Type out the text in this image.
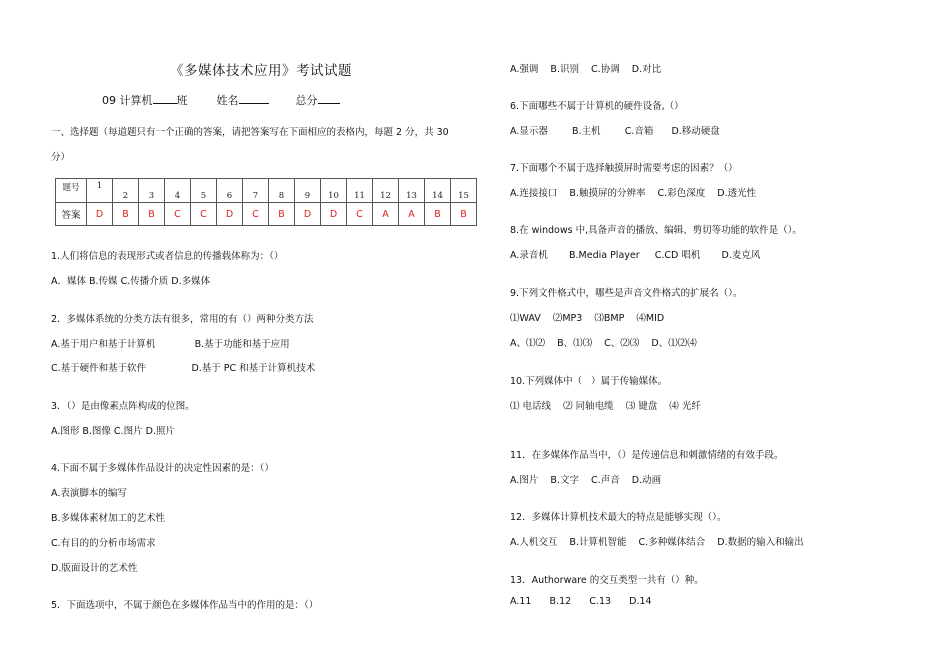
《多媒体技术应用》考试试题
09 计算机 班	姓名	总分
一、选择题（每道题只有一个正确的答案，请把答案写在下面相应的表格内，每题 2 分，共 30
分）
题号	1	2	3	4	5	6	7	8	9	10	11	12	13	14	15
答案	D	B	B	C	C	D	C	B	D	D	C	A	A	B	B
1.人们将信息的表现形式或者信息的传播载体称为：（）
A．媒体 B.传媒 C.传播介质 D.多媒体
2．多媒体系统的分类方法有很多，常用的有（）两种分类方法
A.基于用户和基于计算机             B.基于功能和基于应用
C.基于硬件和基于软件               D.基于 PC 和基于计算机技术
3．（）是由像素点阵构成的位图。
A.图形 B.图像 C.图片 D.照片
4.下面不属于多媒体作品设计的决定性因素的是：（）
A.表演脚本的编写
B.多媒体素材加工的艺术性
C.有目的的分析市场需求
D.版面设计的艺术性
5．下面选项中，不属于颜色在多媒体作品当中的作用的是：（）
A.强调    B.识别    C.协调    D.对比
6.下面哪些不属于计算机的硬件设备,（）
A.显示器        B.主机        C.音箱      D.移动硬盘
7.下面哪个不属于选择触摸屏时需要考虑的因素？（）
A.连接接口    B.触摸屏的分辨率    C.彩色深度    D.透光性
8.在 windows 中,具备声音的播放、编辑、剪切等功能的软件是（）。
A.录音机       B.Media Player     C.CD 唱机       D.麦克风
9.下列文件格式中，哪些是声音文件格式的扩展名（）。
⑴WAV    ⑵MP3    ⑶BMP    ⑷MID
A、⑴⑵    B、⑴⑶    C、⑵⑶    D、⑴⑵⑷
10.下列媒体中（   ）属于传输媒体。
⑴ 电话线    ⑵ 同轴电缆    ⑶ 键盘    ⑷ 光纤
11．在多媒体作品当中，（）是传递信息和刺激情绪的有效手段。
A.图片    B.文字    C.声音    D.动画
12．多媒体计算机技术最大的特点是能够实现（）。
A.人机交互    B.计算机智能    C.多种媒体结合    D.数据的输入和输出
13．Authorware 的交互类型一共有（）种。
A.11      B.12      C.13      D.14
